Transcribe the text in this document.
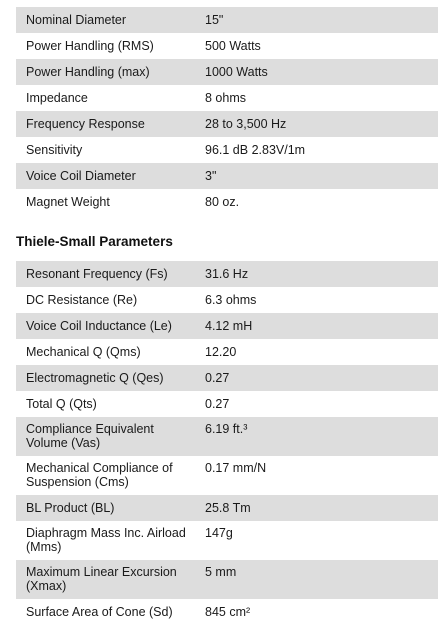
Nominal Diameter	15"
Power Handling (RMS)	500 Watts
Power Handling (max)	1000 Watts
Impedance	8 ohms
Frequency Response	28 to 3,500 Hz
Sensitivity	96.1 dB 2.83V/1m
Voice Coil Diameter	3"
Magnet Weight	80 oz.
Thiele-Small Parameters
Resonant Frequency (Fs)	31.6 Hz
DC Resistance (Re)	6.3 ohms
Voice Coil Inductance (Le)	4.12 mH
Mechanical Q (Qms)	12.20
Electromagnetic Q (Qes)	0.27
Total Q (Qts)	0.27
Compliance Equivalent Volume (Vas)	6.19 ft.³
Mechanical Compliance of Suspension (Cms)	0.17 mm/N
BL Product (BL)	25.8 Tm
Diaphragm Mass Inc. Airload (Mms)	147g
Maximum Linear Excursion (Xmax)	5 mm
Surface Area of Cone (Sd)	845 cm²
